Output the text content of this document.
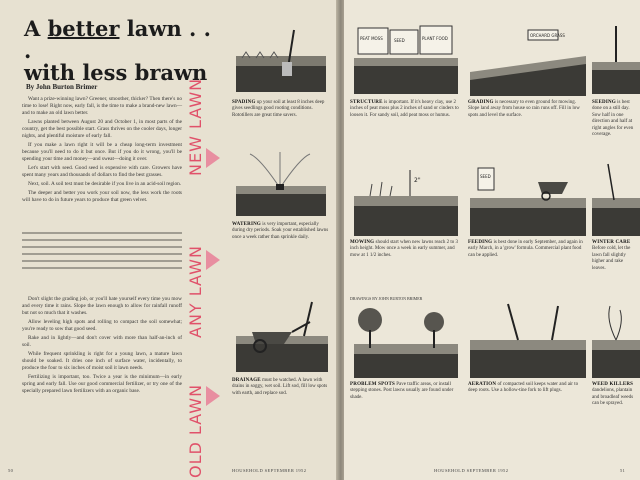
A better lawn . . .
with less brawn
By John Burton Brimer

Want a prize-winning lawn? Greener, smoother, thicker? Then there's no time to lose! Right now, early fall, is the time to make a brand-new lawn—and to make an old lawn better.

Lawns planted between August 20 and October 1, in most parts of the country, get the best possible start. Grass thrives on the cooler days, longer nights, and plentiful moisture of early fall.

If you make a lawn right it will be a cheap long-term investment because you'll need to do it but once. But if you do it wrong, you'll be spending your time and money—and sweat—doing it over.

Let's start with seed. Good seed is expensive with care. Growers have spent many years and thousands of dollars to find the best grasses.

Next, soil. A soil test must be desirable if you live in an acid-soil region.

The deeper and better you work your soil now, the less work the roots will have to do in future years to produce that green velvet.

Don't slight the grading job, or you'll hate yourself every time you mow and every time it rains. Slope the lawn enough to allow for rainfall runoff but not so much that it washes.

Allow leveling high spots and rolling to compact the soil somewhat; you're ready to sow that good seed.

Rake and in lightly—and don't cover with more than half-an-inch of soil.

While frequent sprinkling is right for a young lawn, a mature lawn should be soaked. It dries one inch of surface water, incidentally, to produce the four to six inches of moist soil it lawn needs.

Fertilizing is important, too. Twice a year is the minimum—in early spring and early fall. Use our good commercial fertilizer, or try one of the specially prepared lawn fertilizers with an organic base.

NEW LAWN
ANY LAWN
OLD LAWN
SPADING up your soil at least 8 inches deep gives seedlings good rooting conditions. Rototillers are great time savers.
WATERING is very important, especially during dry periods. Soak your established lawns once a week rather than sprinkle daily.
DRAINAGE must be watched. A lawn with drains in soggy, wet soil. Lift sod, fill low spots with earth, and replace sod.
HOUSEHOLD SEPTEMBER 1952
50
PEAT MOSS	SEED	PLANT FOOD
STRUCTURE is important. If it's heavy clay, use 2 inches of peat moss plus 2 inches of sand or cinders to loosen it. For sandy soil, add peat moss or humus.
ORCHARD GRASS
GRADING is necessary to even ground for mowing. Slope land away from house so rain runs off. Fill in low spots and level the surface.
SEEDING is best done on a still day. Sow half in one direction and half at right angles for even coverage.
2"
MOWING should start when new lawns reach 2 to 3 inch height. Mow once a week in early summer, and mow at 1 1/2 inches.
SEED
FEEDING is best done in early September, and again in early March, in a 'grow' formula. Commercial plant food can be applied.
WINTER CARE Before cold, let the lawn fall slightly higher and rake leaves.
DRAWINGS BY JOHN BURTON BRIMER
PROBLEM SPOTS Pave traffic areas, or install stepping stones. Post lawns usually are found under shade.
AERATION of compacted soil keeps water and air to deep roots. Use a hollow-tine fork to lift plugs.
WEED KILLERS dandelions, plantain and broadleaf weeds can be sprayed.
HOUSEHOLD SEPTEMBER 1952	51
